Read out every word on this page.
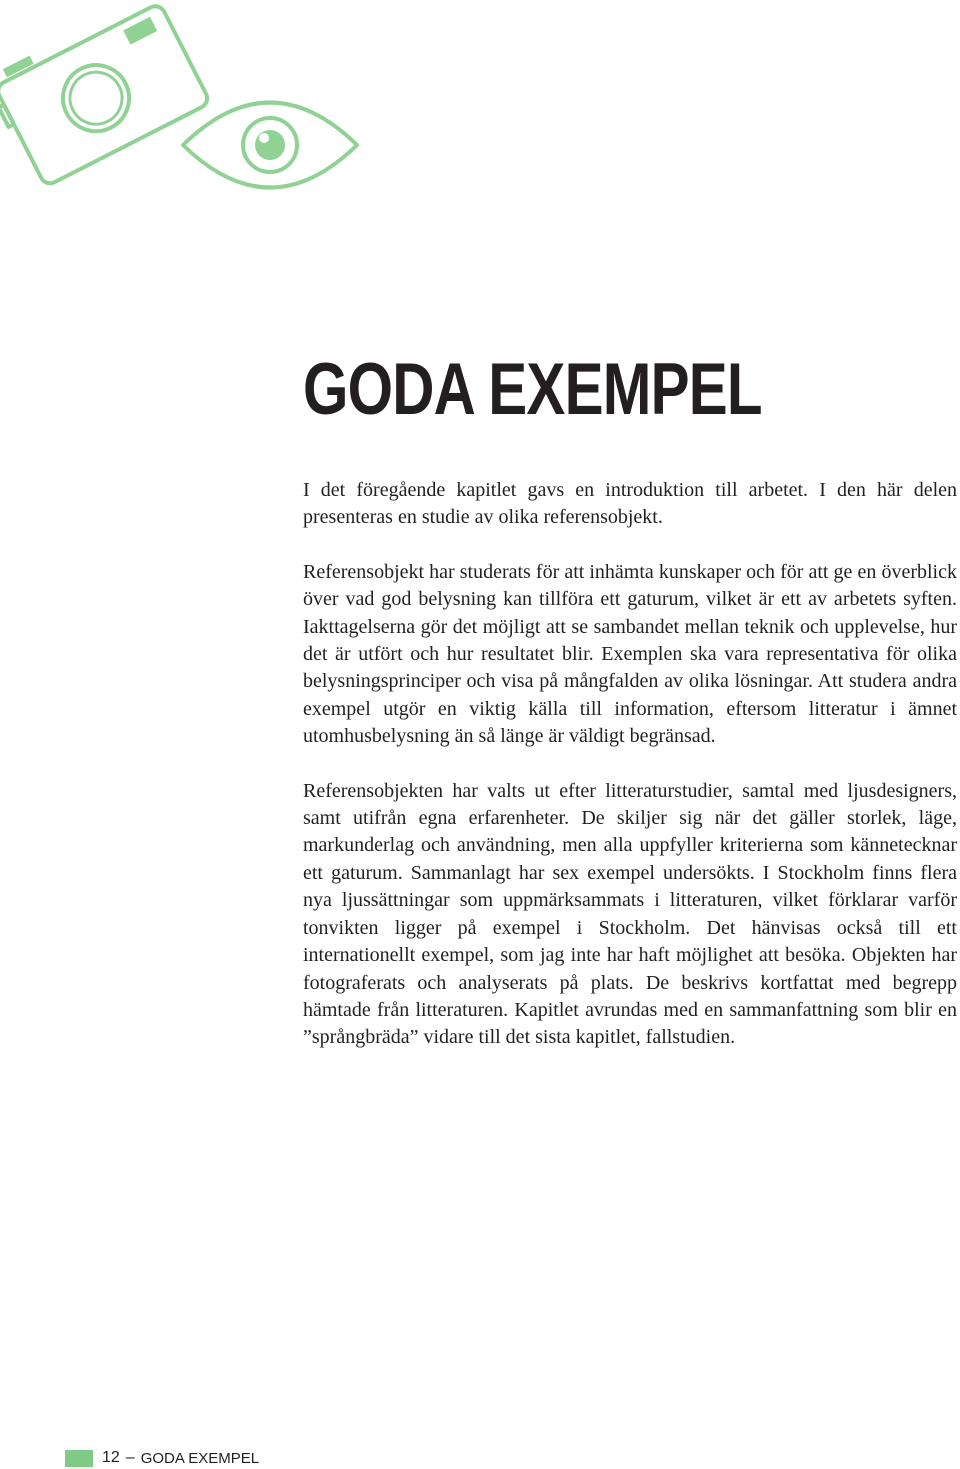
GODA EXEMPEL

I det föregående kapitlet gavs en introduktion till arbetet. I den här delen presenteras en studie av olika referensobjekt.

Referensobjekt har studerats för att inhämta kunskaper och för att ge en överblick över vad god belysning kan tillföra ett gaturum, vilket är ett av arbetets syften. Iakttagelserna gör det möjligt att se sambandet mellan teknik och upplevelse, hur det är utfört och hur resultatet blir. Exemplen ska vara representativa för olika belysningsprinciper och visa på mångfalden av olika lösningar. Att studera andra exempel utgör en viktig källa till information, eftersom litteratur i ämnet utomhusbelysning än så länge är väldigt begränsad.

Referensobjekten har valts ut efter litteraturstudier, samtal med ljusdesigners, samt utifrån egna erfarenheter. De skiljer sig när det gäller storlek, läge, markunderlag och användning, men alla uppfyller kriterierna som kännetecknar ett gaturum. Sammanlagt har sex exempel undersökts. I Stockholm finns flera nya ljussättningar som uppmärksammats i litteraturen, vilket förklarar varför tonvikten ligger på exempel i Stockholm. Det hänvisas också till ett internationellt exempel, som jag inte har haft möjlighet att besöka. Objekten har fotograferats och analyserats på plats. De beskrivs kortfattat med begrepp hämtade från litteraturen. Kapitlet avrundas med en sammanfattning som blir en ”språngbräda” vidare till det sista kapitlet, fallstudien.

12 – GODA EXEMPEL
